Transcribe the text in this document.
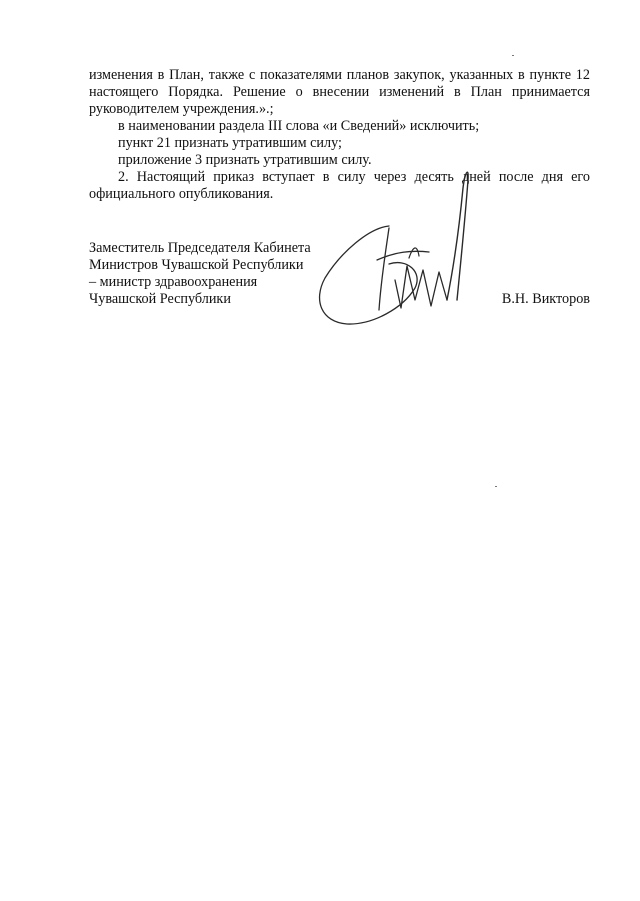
изменения в План, также с показателями планов закупок, указанных в пункте 12 настоящего Порядка. Решение о внесении изменений в План принимается руководителем учреждения.».;

в наименовании раздела III слова «и Сведений» исключить;

пункт 21 признать утратившим силу;

приложение 3 признать утратившим силу.

2. Настоящий приказ вступает в силу через десять дней после дня его официального опубликования.

Заместитель Председателя Кабинета
Министров Чувашской Республики
– министр здравоохранения
Чувашской Республики	В.Н. Викторов
